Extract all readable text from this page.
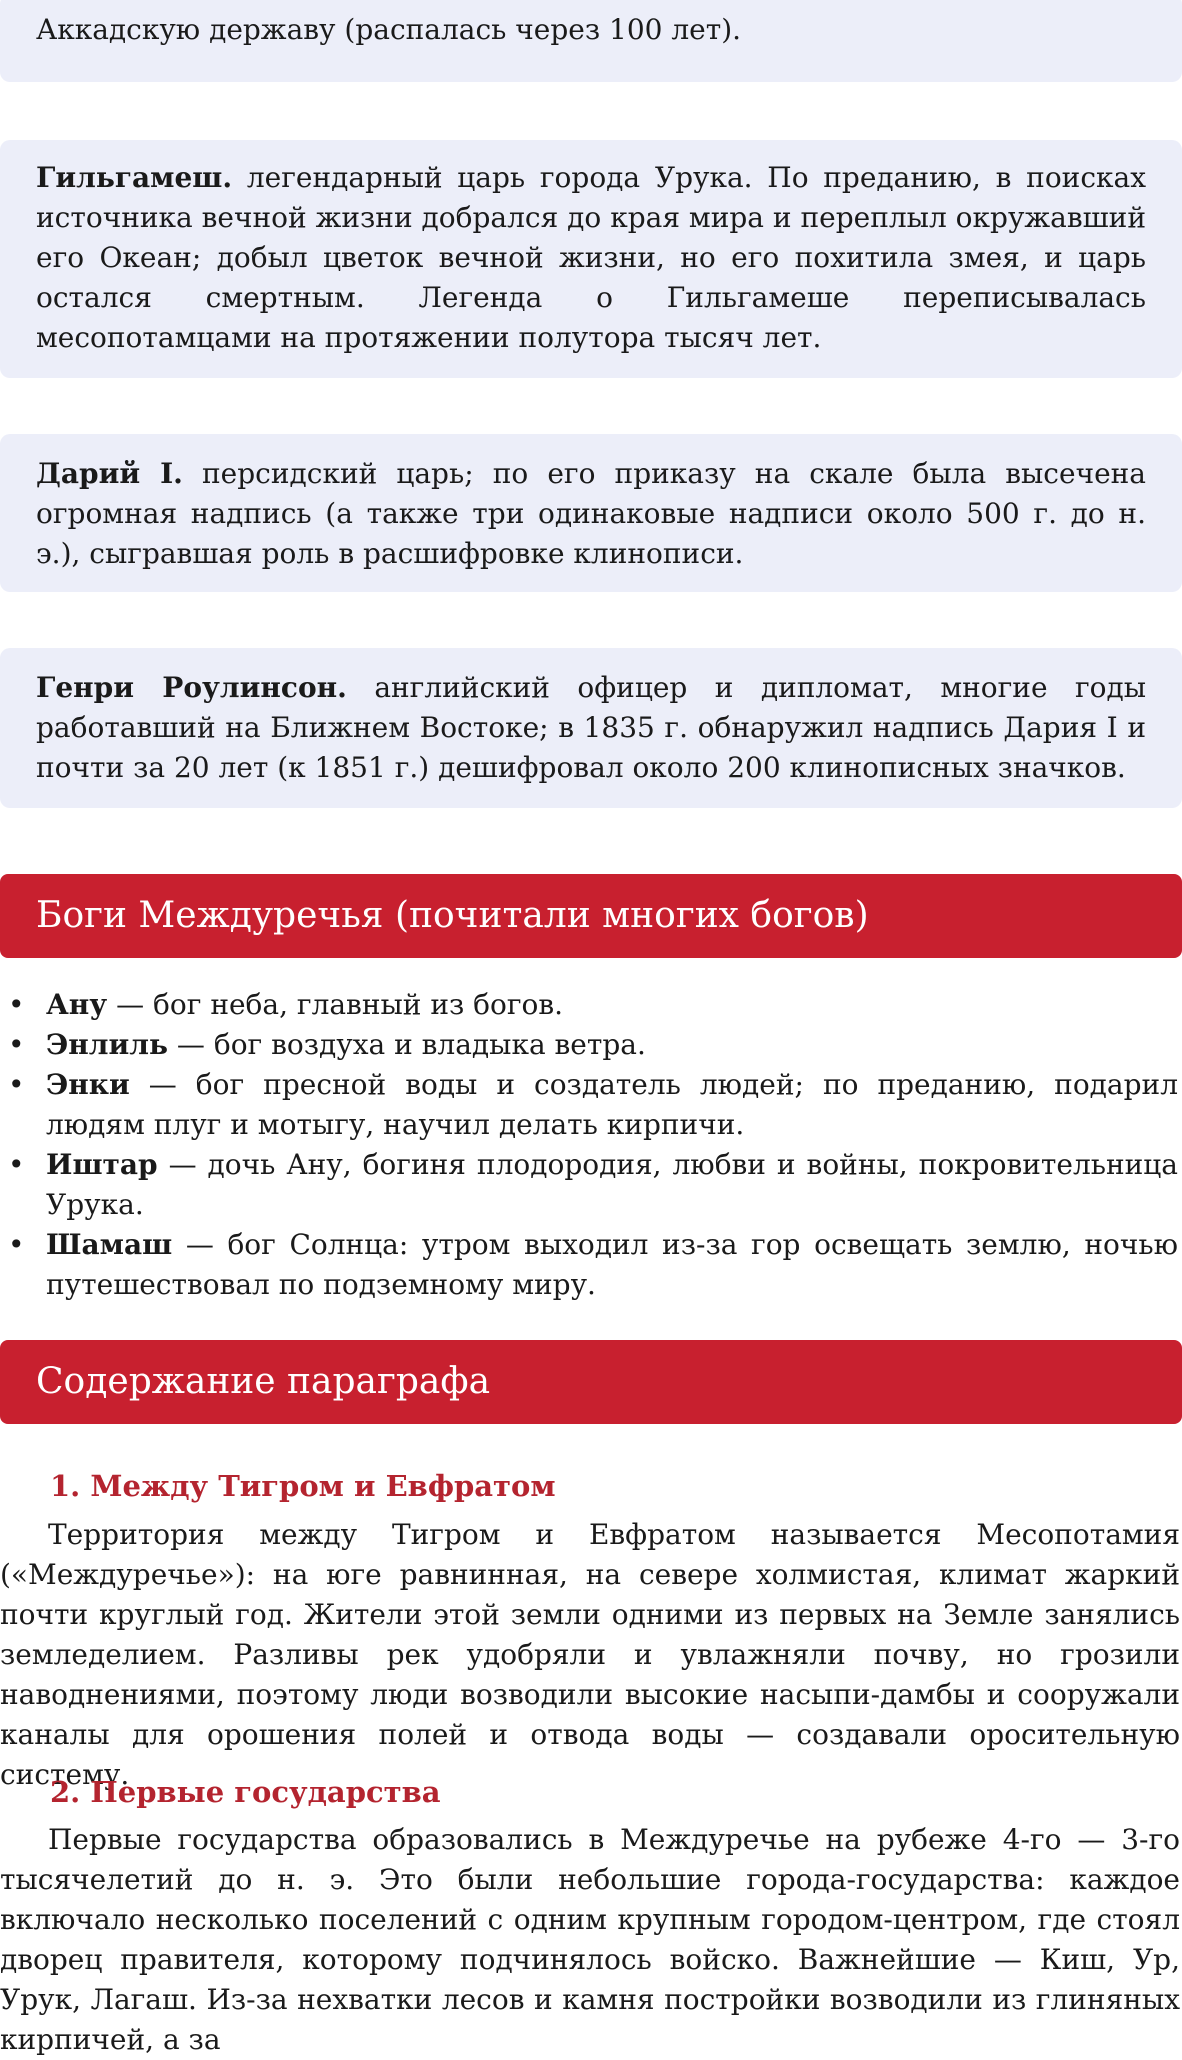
Аккадскую державу (распалась через 100 лет).
Гильгамеш. легендарный царь города Урука. По преданию, в поисках источника вечной жизни добрался до края мира и переплыл окружавший его Океан; добыл цветок вечной жизни, но его похитила змея, и царь остался смертным. Легенда о Гильгамеше переписывалась месопотамцами на протяжении полутора тысяч лет.
Дарий I. персидский царь; по его приказу на скале была высечена огромная надпись (а также три одинаковые надписи около 500 г. до н. э.), сыгравшая роль в расшифровке клинописи.
Генри Роулинсон. английский офицер и дипломат, многие годы работавший на Ближнем Востоке; в 1835 г. обнаружил надпись Дария I и почти за 20 лет (к 1851 г.) дешифровал около 200 клинописных значков.
Боги Междуречья (почитали многих богов)
• Ану — бог неба, главный из богов.
• Энлиль — бог воздуха и владыка ветра.
• Энки — бог пресной воды и создатель людей; по преданию, подарил людям плуг и мотыгу, научил делать кирпичи.
• Иштар — дочь Ану, богиня плодородия, любви и войны, покровительница Урука.
• Шамаш — бог Солнца: утром выходил из-за гор освещать землю, ночью путешествовал по подземному миру.
Содержание параграфа
1. Между Тигром и Евфратом

Территория между Тигром и Евфратом называется Месопотамия («Междуречье»): на юге равнинная, на севере холмистая, климат жаркий почти круглый год. Жители этой земли одними из первых на Земле занялись земледелием. Разливы рек удобряли и увлажняли почву, но грозили наводнениями, поэтому люди возводили высокие насыпи-дамбы и сооружали каналы для орошения полей и отвода воды — создавали оросительную систему.

2. Первые государства

Первые государства образовались в Междуречье на рубеже 4-го — 3-го тысячелетий до н. э. Это были небольшие города-государства: каждое включало несколько поселений с одним крупным городом-центром, где стоял дворец правителя, которому подчинялось войско. Важнейшие — Киш, Ур, Урук, Лагаш. Из-за нехватки лесов и камня постройки возводили из глиняных кирпичей, а за
